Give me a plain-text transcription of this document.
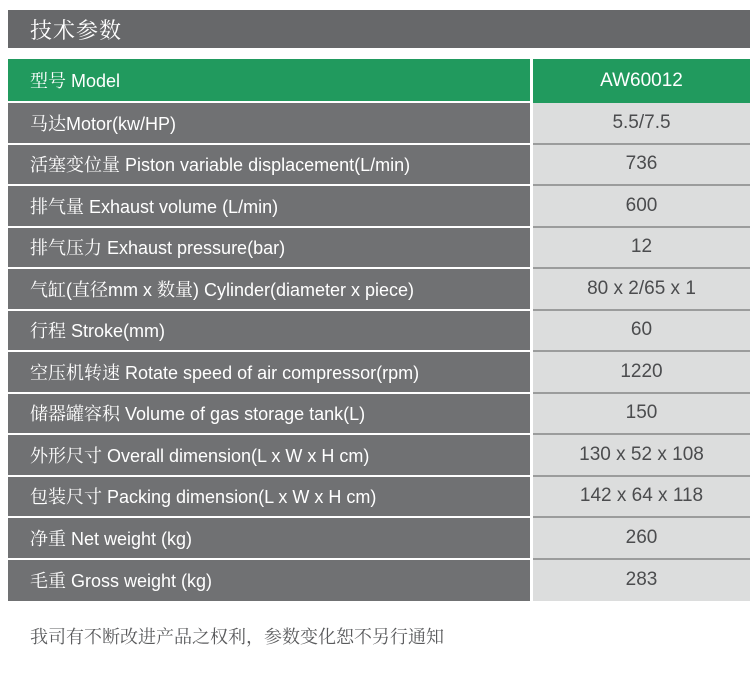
技术参数
型号 Model	AW60012
马达Motor(kw/HP)	5.5/7.5
活塞变位量 Piston variable displacement(L/min)	736
排气量 Exhaust volume (L/min)	600
排气压力 Exhaust pressure(bar)	12
气缸(直径mm x 数量) Cylinder(diameter x piece)	80 x 2/65 x 1
行程 Stroke(mm)	60
空压机转速 Rotate speed of air compressor(rpm)	1220
储器罐容积 Volume of gas storage tank(L)	150
外形尺寸 Overall dimension(L x W x H cm)	130 x 52 x 108
包装尺寸 Packing dimension(L x W x H cm)	142 x 64 x 118
净重 Net weight (kg)	260
毛重 Gross weight (kg)	283
我司有不断改进产品之权利，参数变化恕不另行通知
